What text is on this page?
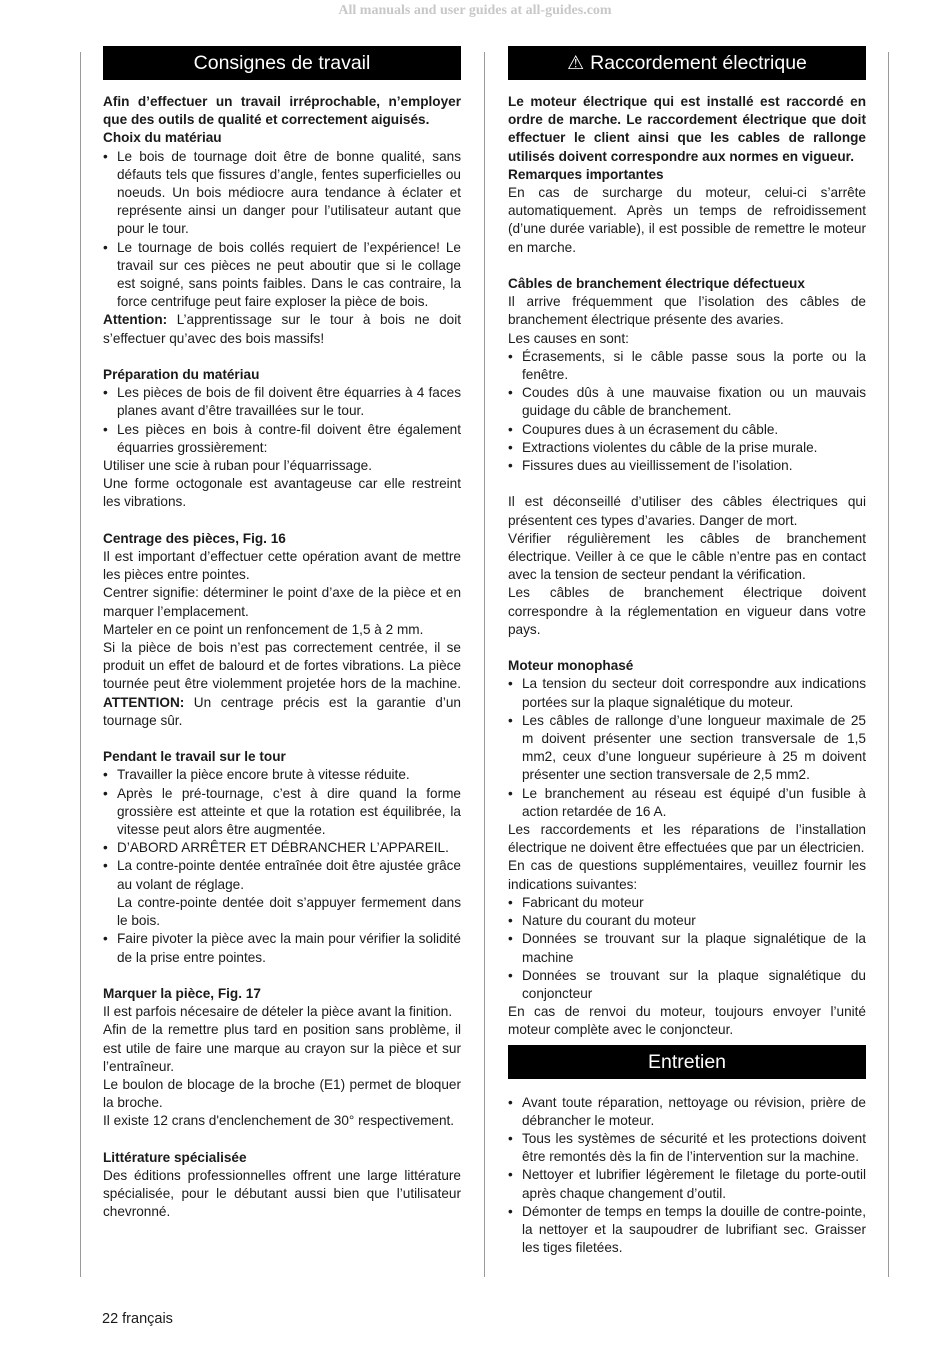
All manuals and user guides at all-guides.com
Consignes de travail

Afin d’effectuer un travail irréprochable, n’employer que des outils de qualité et correctement aiguisés.

Choix du matériau

• Le bois de tournage doit être de bonne qualité, sans défauts tels que fissures d’angle, fentes superficielles ou noeuds. Un bois médiocre aura tendance à éclater et représente ainsi un danger pour l’utilisateur autant que pour le tour.
• Le tournage de bois collés requiert de l’expérience! Le travail sur ces pièces ne peut aboutir que si le collage est soigné, sans points faibles. Dans le cas contraire, la force centrifuge peut faire exploser la pièce de bois.

Attention: L’apprentissage sur le tour à bois ne doit s’effectuer qu’avec des bois massifs!

Préparation du matériau

• Les pièces de bois de fil doivent être équarries à 4 faces planes avant d’être travaillées sur le tour.
• Les pièces en bois à contre-fil doivent être également équarries grossièrement:

Utiliser une scie à ruban pour l’équarrissage.

Une forme octogonale est avantageuse car elle restreint les vibrations.

Centrage des pièces, Fig. 16

Il est important d’effectuer cette opération avant de mettre les pièces entre pointes.

Centrer signifie: déterminer le point d’axe de la pièce et en marquer l’emplacement.

Marteler en ce point un renfoncement de 1,5 à 2 mm.

Si la pièce de bois n’est pas correctement centrée, il se produit un effet de balourd et de fortes vibrations. La pièce tournée peut être violemment projetée hors de la machine. ATTENTION: Un centrage précis est la garantie d’un tournage sûr.

Pendant le travail sur le tour

• Travailler la pièce encore brute à vitesse réduite.
• Après le pré-tournage, c’est à dire quand la forme grossière est atteinte et que la rotation est équilibrée, la vitesse peut alors être augmentée.
• D’ABORD ARRÊTER ET DÉBRANCHER L’APPAREIL.
• La contre-pointe dentée entraînée doit être ajustée grâce au volant de réglage.
La contre-pointe dentée doit s’appuyer fermement dans le bois.
• Faire pivoter la pièce avec la main pour vérifier la solidité de la prise entre pointes.

Marquer la pièce, Fig. 17

Il est parfois nécesaire de dételer la pièce avant la finition.

Afin de la remettre plus tard en position sans problème, il est utile de faire une marque au crayon sur la pièce et sur l’entraîneur.

Le boulon de blocage de la broche (E1) permet de bloquer la broche.

Il existe 12 crans d'enclenchement de 30° respectivement.

Littérature spécialisée

Des éditions professionnelles offrent une large littérature spécialisée, pour le débutant aussi bien que l’utilisateur chevronné.

⚠ Raccordement électrique

Le moteur électrique qui est installé est raccordé en ordre de marche. Le raccordement électrique que doit effectuer le client ainsi que les cables de rallonge utilisés doivent correspondre aux normes en vigueur.

Remarques importantes

En cas de surcharge du moteur, celui-ci s’arrête automatiquement. Après un temps de refroidissement (d’une durée variable), il est possible de remettre le moteur en marche.

Câbles de branchement électrique défectueux

Il arrive fréquemment que l’isolation des câbles de branchement électrique présente des avaries.

Les causes en sont:

• Écrasements, si le câble passe sous la porte ou la fenêtre.
• Coudes dûs à une mauvaise fixation ou un mauvais guidage du câble de branchement.
• Coupures dues à un écrasement du câble.
• Extractions violentes du câble de la prise murale.
• Fissures dues au vieillissement de l’isolation.

Il est déconseillé d’utiliser des câbles électriques qui présentent ces types d’avaries. Danger de mort.

Vérifier régulièrement les câbles de branchement électrique. Veiller à ce que le câble n’entre pas en contact avec la tension de secteur pendant la vérification.

Les câbles de branchement électrique doivent correspondre à la réglementation en vigueur dans votre pays.

Moteur monophasé

• La tension du secteur doit correspondre aux indications portées sur la plaque signalétique du moteur.
• Les câbles de rallonge d’une longueur maximale de 25 m doivent présenter une section transversale de 1,5 mm2, ceux d’une longueur supérieure à 25 m doivent présenter une section transversale de 2,5 mm2.
• Le branchement au réseau est équipé d’un fusible à action retardée de 16 A.

Les raccordements et les réparations de l’installation électrique ne doivent être effectuées que par un électricien.

En cas de questions supplémentaires, veuillez fournir les indications suivantes:

• Fabricant du moteur
• Nature du courant du moteur
• Données se trouvant sur la plaque signalétique de la machine
• Données se trouvant sur la plaque signalétique du conjoncteur

En cas de renvoi du moteur, toujours envoyer l’unité moteur complète avec le conjoncteur.

Entretien
• Avant toute réparation, nettoyage ou révision, prière de débrancher le moteur.
• Tous les systèmes de sécurité et les protections doivent être remontés dès la fin de l’intervention sur la machine.
• Nettoyer et lubrifier légèrement le filetage du porte-outil après chaque changement d’outil.
• Démonter de temps en temps la douille de contre-pointe, la nettoyer et la saupoudrer de lubrifiant sec. Graisser les tiges filetées.
22 français
